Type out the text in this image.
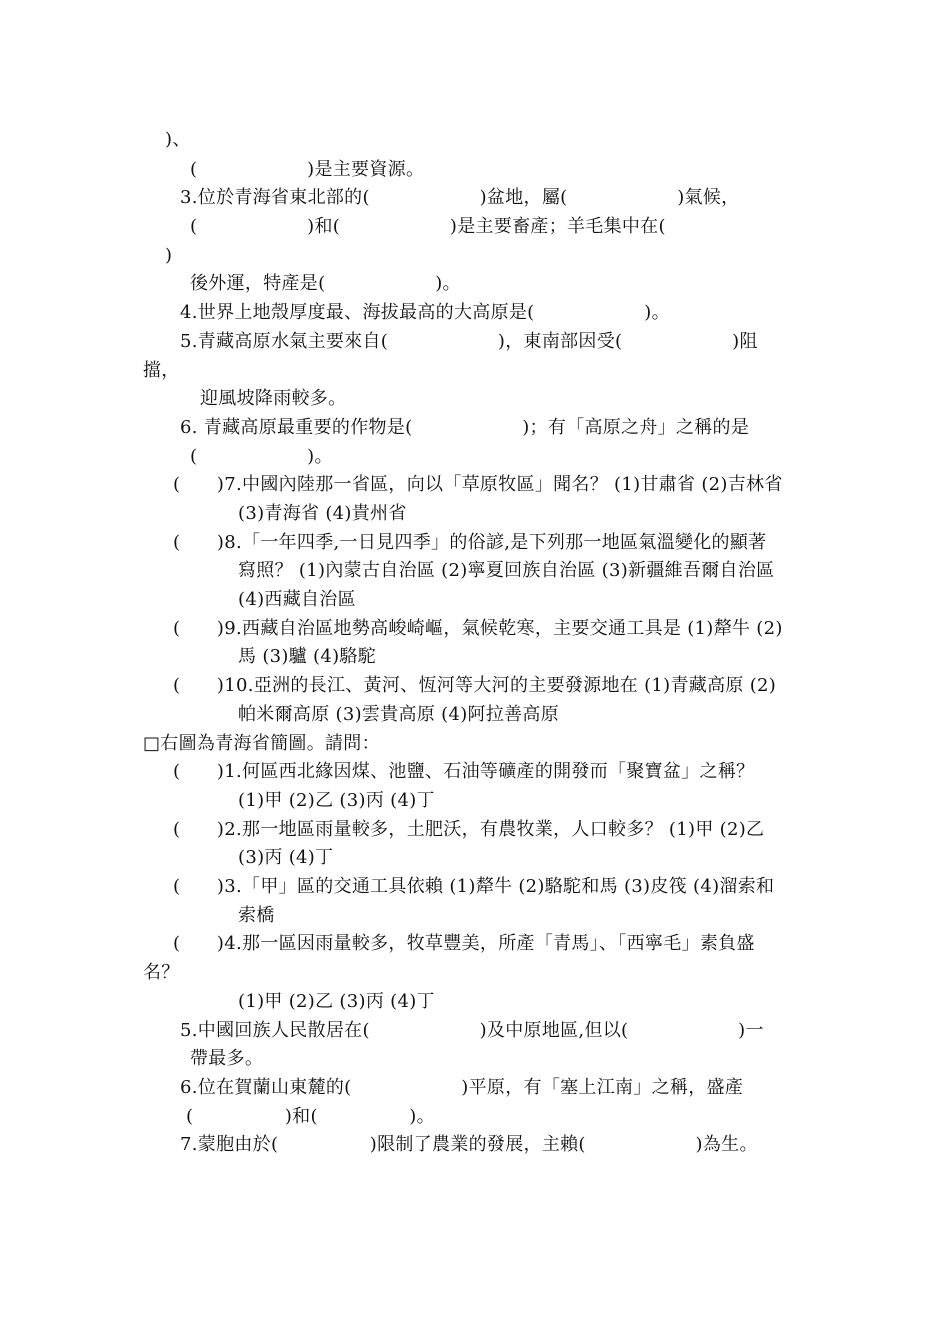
)、
(　　　　　　)是主要資源。
3.位於青海省東北部的(　　　　　　)盆地，屬(　　　　　　)氣候，
(　　　　　　)和(　　　　　　)是主要畜產；羊毛集中在(
)
後外運，特產是(　　　　　　)。
4.世界上地殼厚度最、海拔最高的大高原是(　　　　　　)。
5.青藏高原水氣主要來自(　　　　　　)，東南部因受(　　　　　　)阻
擋，
迎風坡降雨較多。
6. 青藏高原最重要的作物是(　　　　　　)；有「高原之舟」之稱的是
(　　　　　　)。
(　　)7.中國內陸那一省區，向以「草原牧區」聞名？ (1)甘肅省 (2)吉林省
(3)青海省 (4)貴州省
(　　)8.「一年四季,一日見四季」的俗諺,是下列那一地區氣溫變化的顯著
寫照？ (1)內蒙古自治區 (2)寧夏回族自治區 (3)新疆維吾爾自治區
(4)西藏自治區
(　　)9.西藏自治區地勢高峻崎嶇，氣候乾寒，主要交通工具是 (1)犛牛 (2)
馬 (3)驢 (4)駱駝
(　　)10.亞洲的長江、黃河、恆河等大河的主要發源地在 (1)青藏高原 (2)
帕米爾高原 (3)雲貴高原 (4)阿拉善高原
□右圖為青海省簡圖。請問：
(　　)1.何區西北緣因煤、池鹽、石油等礦產的開發而「聚寶盆」之稱？
(1)甲 (2)乙 (3)丙 (4)丁
(　　)2.那一地區雨量較多，土肥沃，有農牧業，人口較多？ (1)甲 (2)乙
(3)丙 (4)丁
(　　)3.「甲」區的交通工具依賴 (1)犛牛 (2)駱駝和馬 (3)皮筏 (4)溜索和
索橋
(　　)4.那一區因雨量較多，牧草豐美，所產「青馬」、「西寧毛」素負盛
名？
(1)甲 (2)乙 (3)丙 (4)丁
5.中國回族人民散居在(　　　　　　)及中原地區,但以(　　　　　　)一
帶最多。
6.位在賀蘭山東麓的(　　　　　　)平原，有「塞上江南」之稱，盛產
(　　　　　)和(　　　　　)。
7.蒙胞由於(　　　　　)限制了農業的發展，主賴(　　　　　　)為生。
